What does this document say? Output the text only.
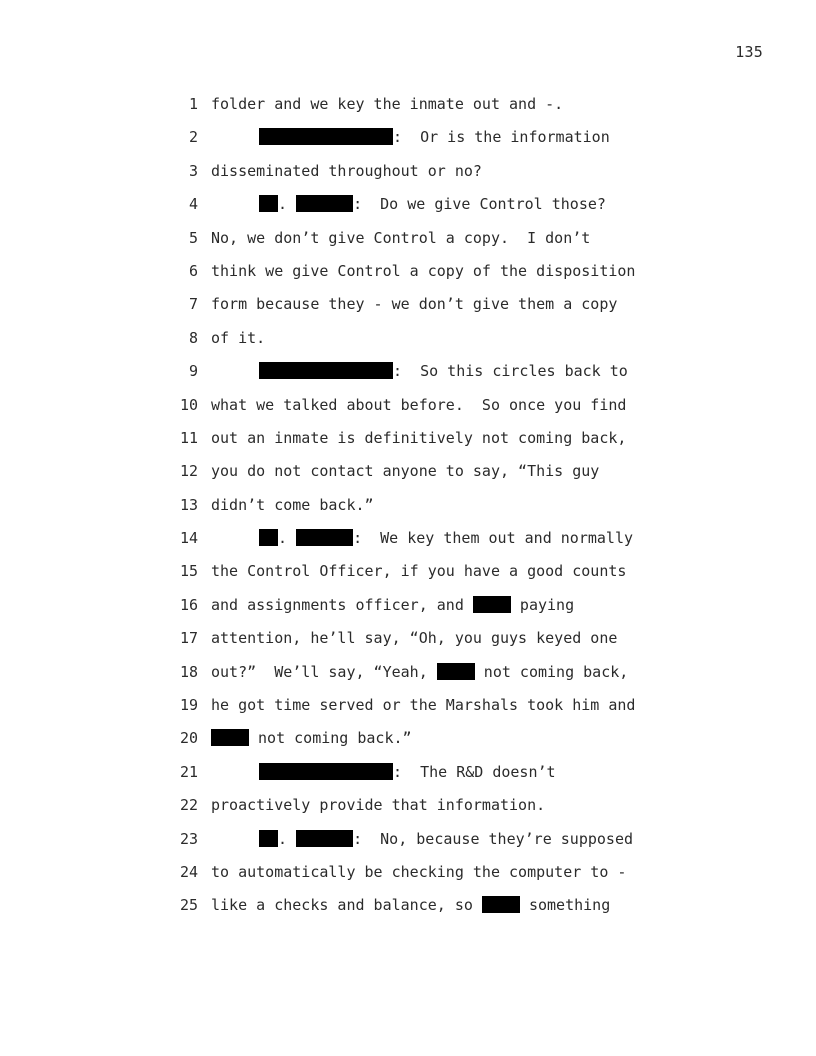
135
1 folder and we key the inmate out and -.
2	:  Or is the information
3 disseminated throughout or no?
4	.	:  Do we give Control those?
5 No, we don’t give Control a copy.  I don’t
6 think we give Control a copy of the disposition
7 form because they - we don’t give them a copy
8 of it.
9	:  So this circles back to
10 what we talked about before.  So once you find
11 out an inmate is definitively not coming back,
12 you do not contact anyone to say, “This guy
13 didn’t come back.”
14	.	:  We key them out and normally
15 the Control Officer, if you have a good counts
16 and assignments officer, and	paying
17 attention, he’ll say, “Oh, you guys keyed one
18 out?”  We’ll say, “Yeah,	not coming back,
19 he got time served or the Marshals took him and
20	not coming back.”
21	:  The R&D doesn’t
22 proactively provide that information.
23	.	:  No, because they’re supposed
24 to automatically be checking the computer to -
25 like a checks and balance, so	something
